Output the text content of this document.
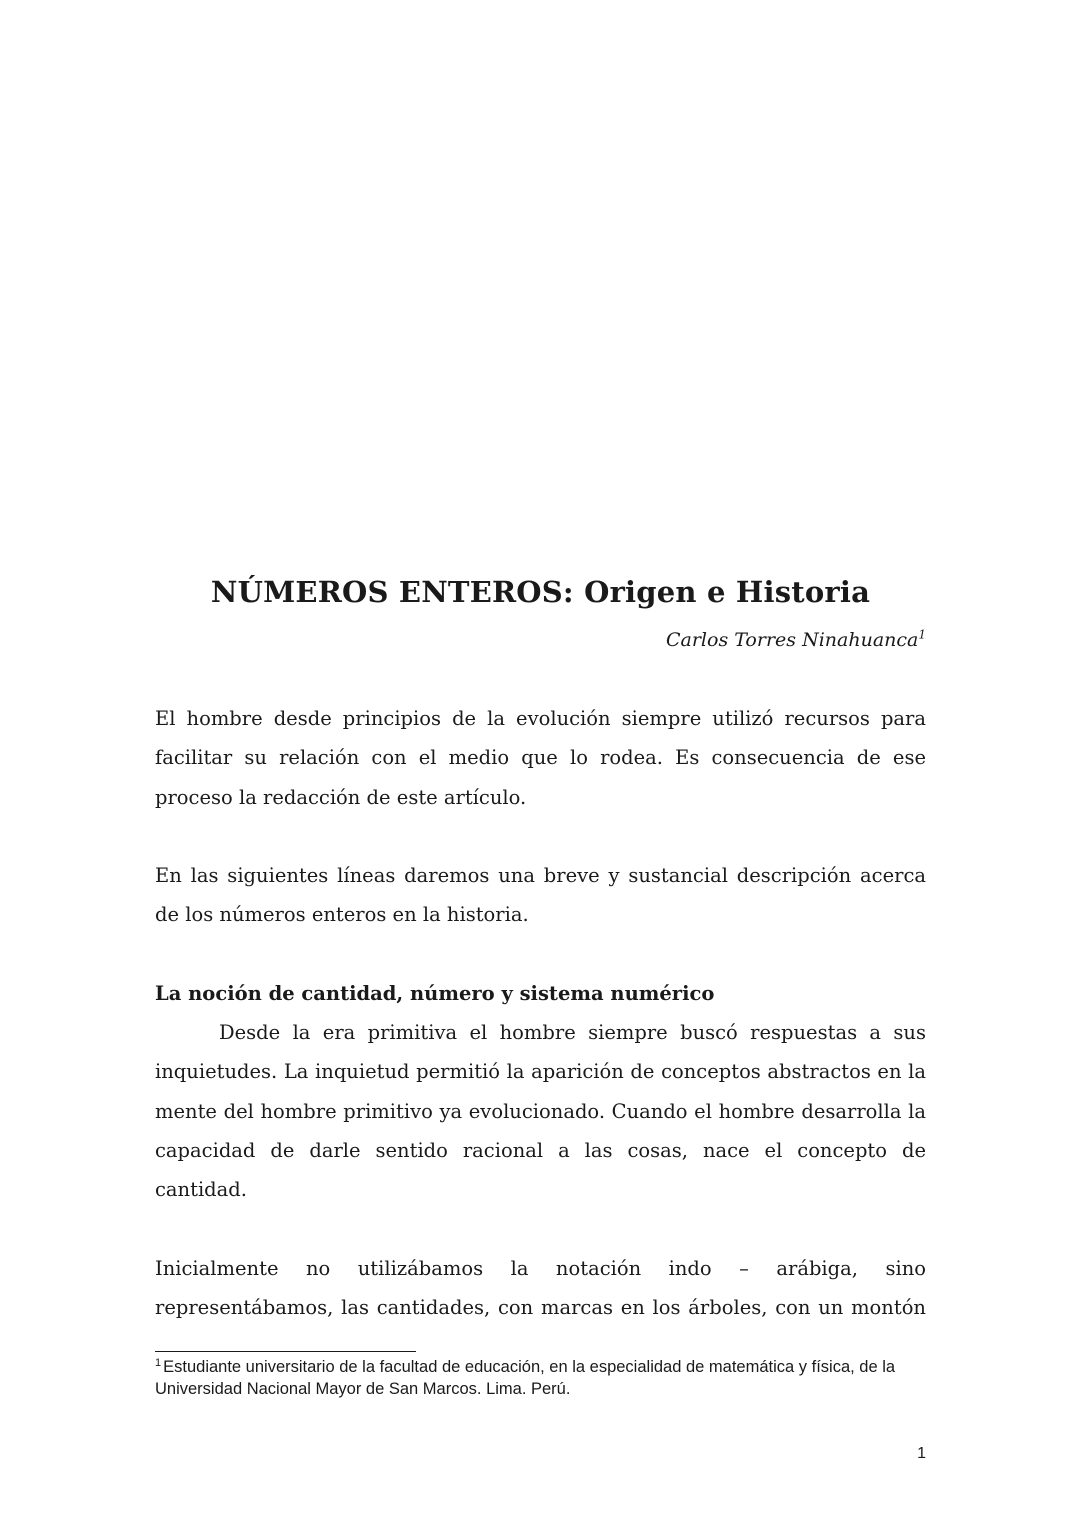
NÚMEROS ENTEROS: Origen e Historia
Carlos Torres Ninahuanca$^1$

El hombre desde principios de la evolución siempre utilizó recursos para facilitar su relación con el medio que lo rodea. Es consecuencia de ese proceso la redacción de este artículo.

En las siguientes líneas daremos una breve y sustancial descripción acerca de los números enteros en la historia.

La noción de cantidad, número y sistema numérico

Desde la era primitiva el hombre siempre buscó respuestas a sus inquietudes. La inquietud permitió la aparición de conceptos abstractos en la mente del hombre primitivo ya evolucionado. Cuando el hombre desarrolla la capacidad de darle sentido racional a las cosas, nace el concepto de cantidad.

Inicialmente no utilizábamos la notación indo – arábiga, sino representábamos, las cantidades, con marcas en los árboles, con un montón

$^1$ Estudiante universitario de la facultad de educación, en la especialidad de matemática y física, de la Universidad Nacional Mayor de San Marcos. Lima. Perú.

1
